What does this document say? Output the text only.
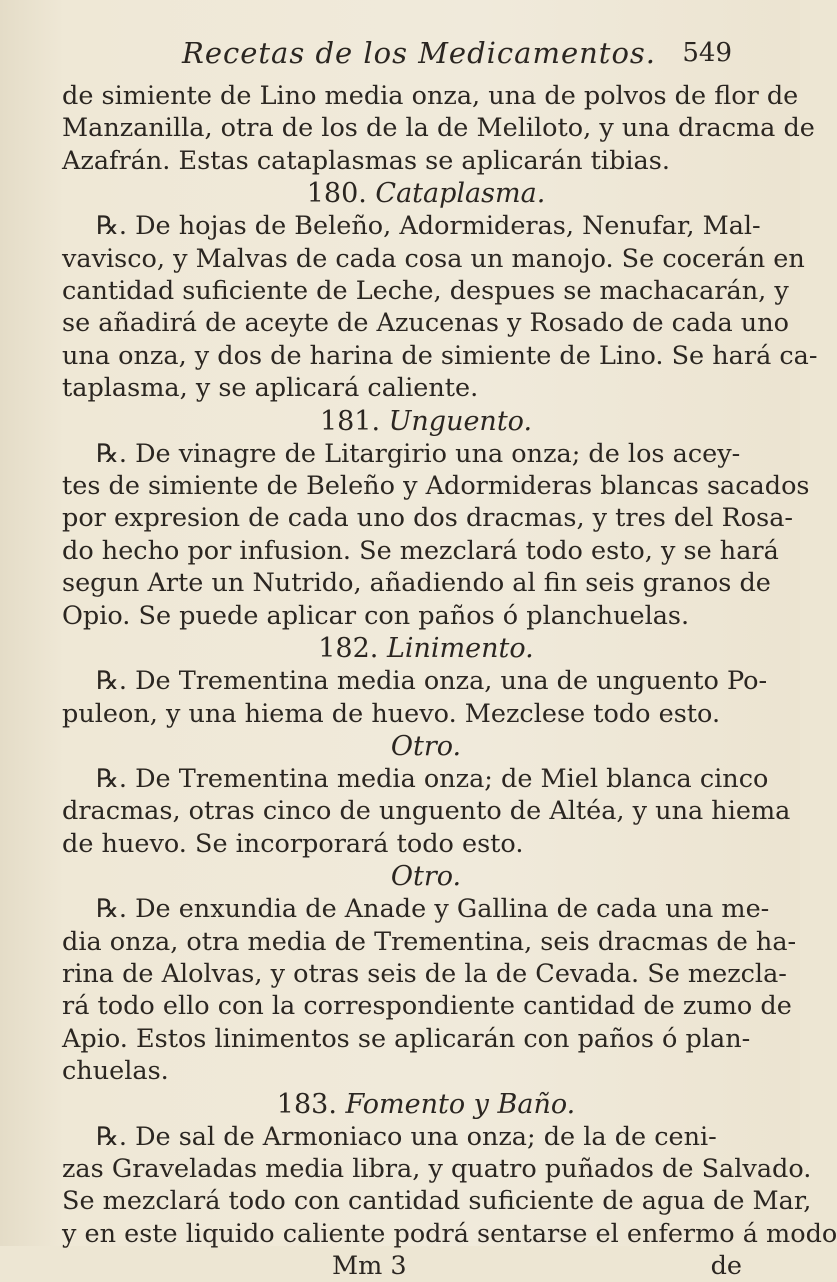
Recetas de los Medicamentos. 549
de simiente de Lino media onza, una de polvos de flor de
Manzanilla, otra de los de la de Meliloto, y una dracma de
Azafrán. Estas cataplasmas se aplicarán tibias.
180. Cataplasma.
℞. De hojas de Beleño, Adormideras, Nenufar, Mal-
vavisco, y Malvas de cada cosa un manojo. Se cocerán en
cantidad suficiente de Leche, despues se machacarán, y
se añadirá de aceyte de Azucenas y Rosado de cada uno
una onza, y dos de harina de simiente de Lino. Se hará ca-
taplasma, y se aplicará caliente.
181. Unguento.
℞. De vinagre de Litargirio una onza; de los acey-
tes de simiente de Beleño y Adormideras blancas sacados
por expresion de cada uno dos dracmas, y tres del Rosa-
do hecho por infusion. Se mezclará todo esto, y se hará
segun Arte un Nutrido, añadiendo al fin seis granos de
Opio. Se puede aplicar con paños ó planchuelas.
182. Linimento.
℞. De Trementina media onza, una de unguento Po-
puleon, y una hiema de huevo. Mezclese todo esto.
Otro.
℞. De Trementina media onza; de Miel blanca cinco
dracmas, otras cinco de unguento de Altéa, y una hiema
de huevo. Se incorporará todo esto.
Otro.
℞. De enxundia de Anade y Gallina de cada una me-
dia onza, otra media de Trementina, seis dracmas de ha-
rina de Alolvas, y otras seis de la de Cevada. Se mezcla-
rá todo ello con la correspondiente cantidad de zumo de
Apio. Estos linimentos se aplicarán con paños ó plan-
chuelas.
183. Fomento y Baño.
℞. De sal de Armoniaco una onza; de la de ceni-
zas Graveladas media libra, y quatro puñados de Salvado.
Se mezclará todo con cantidad suficiente de agua de Mar,
y en este liquido caliente podrá sentarse el enfermo á modo
Mm 3	de
